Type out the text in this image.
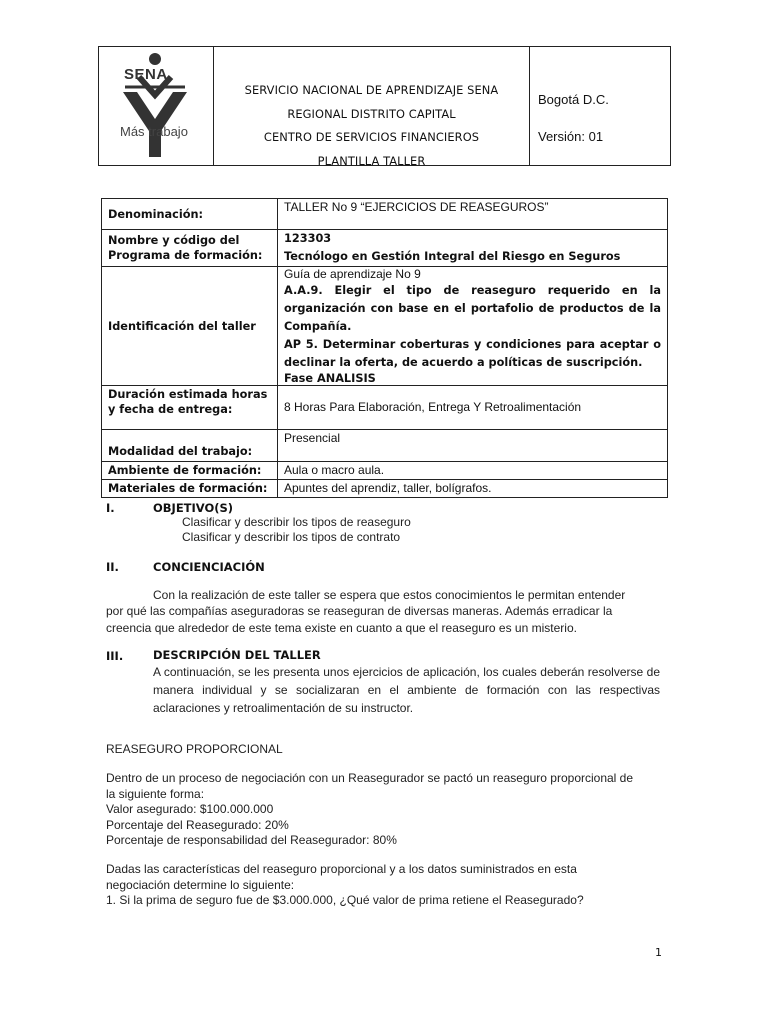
SENA
Más trabajo
SERVICIO NACIONAL DE APRENDIZAJE SENA
REGIONAL DISTRITO CAPITAL
CENTRO DE SERVICIOS FINANCIEROS
PLANTILLA TALLER
Bogotá D.C.
Versión: 01
Denominación:	TALLER No 9 “EJERCICIOS DE REASEGUROS”
Nombre y código del Programa de formación:	123303
Tecnólogo en Gestión Integral del Riesgo en Seguros

Identificación del taller	Guía de aprendizaje No 9
A.A.9. Elegir el tipo de reaseguro requerido en la organización con base en el portafolio de productos de la Compañía.
AP 5. Determinar coberturas y condiciones para aceptar o declinar la oferta, de acuerdo a políticas de suscripción.
Fase ANALISIS

Duración estimada horas y fecha de entrega:	8 Horas Para Elaboración, Entrega Y Retroalimentación
Modalidad del trabajo:	Presencial
Ambiente de formación:	Aula o macro aula.
Materiales de formación:	Apuntes del aprendiz, taller, bolígrafos.
I.	OBJETIVO(S)
Clasificar y describir los tipos de reaseguro
Clasificar y describir los tipos de contrato
II.	CONCIENCIACIÓN
Con la realización de este taller se espera que estos conocimientos le permitan entender
por qué las compañías aseguradoras se reaseguran de diversas maneras. Además erradicar la
creencia que alrededor de este tema existe en cuanto a que el reaseguro es un misterio.
III.	DESCRIPCIÓN DEL TALLER
A continuación, se les presenta unos ejercicios de aplicación, los cuales deberán resolverse de manera individual y se socializaran en el ambiente de formación con las respectivas aclaraciones y retroalimentación de su instructor.
REASEGURO PROPORCIONAL
Dentro de un proceso de negociación con un Reasegurador se pactó un reaseguro proporcional de
la siguiente forma:
Valor asegurado: $100.000.000
Porcentaje del Reasegurado: 20%
Porcentaje de responsabilidad del Reasegurador: 80%
Dadas las características del reaseguro proporcional y a los datos suministrados en esta
negociación determine lo siguiente:
1. Si la prima de seguro fue de $3.000.000, ¿Qué valor de prima retiene el Reasegurado?
1
